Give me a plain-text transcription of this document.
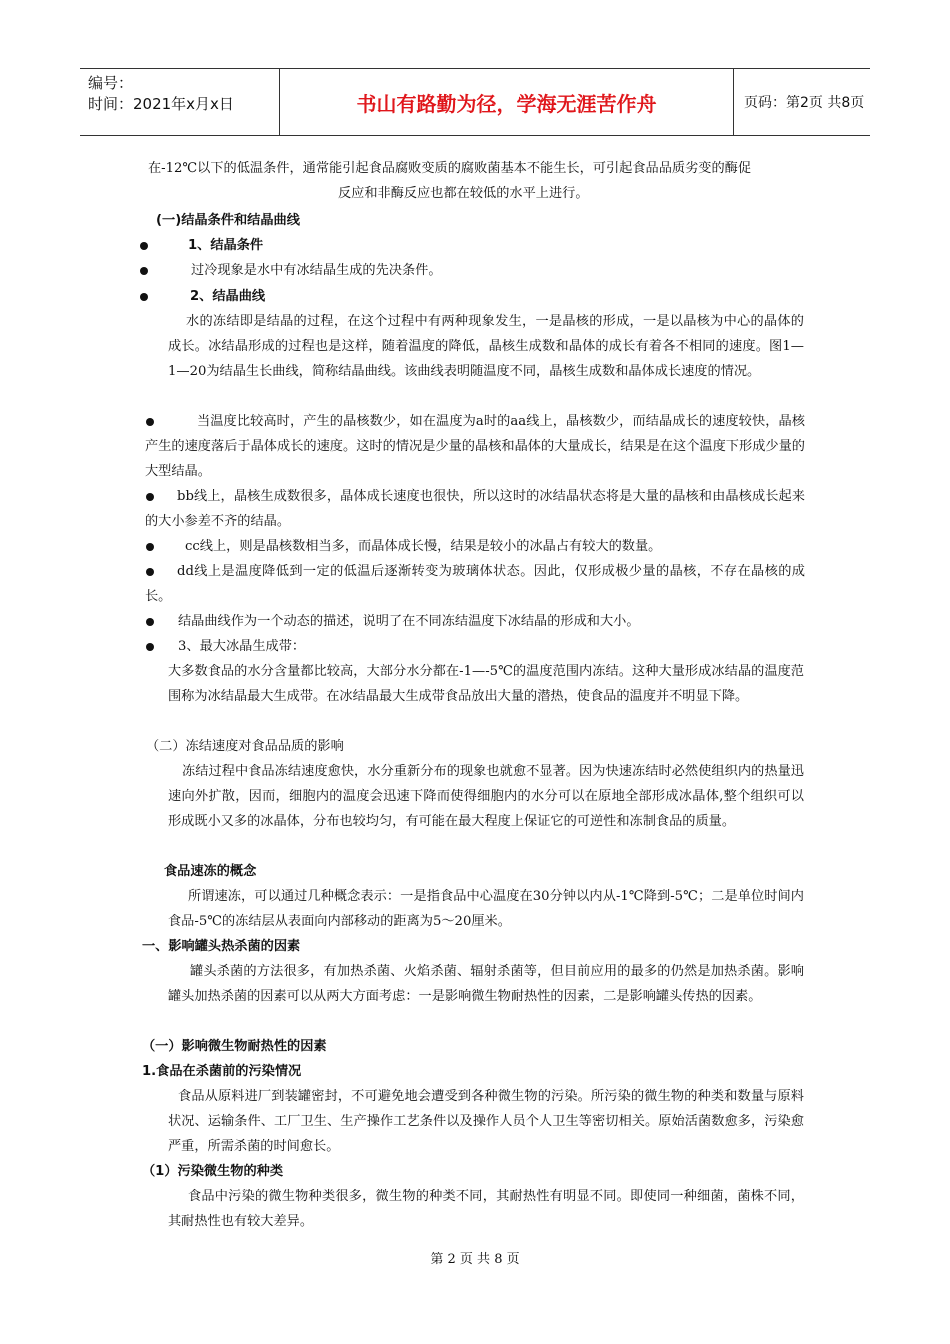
编号：
时间：2021年x月x日	书山有路勤为径，学海无涯苦作舟	页码：第2页 共8页
在-12℃以下的低温条件，通常能引起食品腐败变质的腐败菌基本不能生长，可引起食品品质劣变的酶促
反应和非酶反应也都在较低的水平上进行。
(一)结晶条件和结晶曲线
1、结晶条件
过冷现象是水中有冰结晶生成的先决条件。
2、结晶曲线
水的冻结即是结晶的过程，在这个过程中有两种现象发生，一是晶核的形成，一是以晶核为中心的晶体的成长。冰结晶形成的过程也是这样，随着温度的降低，晶核生成数和晶体的成长有着各不相同的速度。图1—1—20为结晶生长曲线，简称结晶曲线。该曲线表明随温度不同，晶核生成数和晶体成长速度的情况。
当温度比较高时，产生的晶核数少，如在温度为a时的aa线上，晶核数少，而结晶成长的速度较快，晶核产生的速度落后于晶体成长的速度。这时的情况是少量的晶核和晶体的大量成长，结果是在这个温度下形成少量的大型结晶。
bb线上，晶核生成数很多，晶体成长速度也很快，所以这时的冰结晶状态将是大量的晶核和由晶核成长起来的大小参差不齐的结晶。
cc线上，则是晶核数相当多，而晶体成长慢，结果是较小的冰晶占有较大的数量。
dd线上是温度降低到一定的低温后逐渐转变为玻璃体状态。因此，仅形成极少量的晶核，不存在晶核的成长。
结晶曲线作为一个动态的描述，说明了在不同冻结温度下冰结晶的形成和大小。
3、最大冰晶生成带：
大多数食品的水分含量都比较高，大部分水分都在-1—-5℃的温度范围内冻结。这种大量形成冰结晶的温度范围称为冰结晶最大生成带。在冰结晶最大生成带食品放出大量的潜热，使食品的温度并不明显下降。
（二）冻结速度对食品品质的影响
冻结过程中食品冻结速度愈快，水分重新分布的现象也就愈不显著。因为快速冻结时必然使组织内的热量迅速向外扩散，因而，细胞内的温度会迅速下降而使得细胞内的水分可以在原地全部形成冰晶体,整个组织可以形成既小又多的冰晶体，分布也较均匀，有可能在最大程度上保证它的可逆性和冻制食品的质量。
食品速冻的概念
所谓速冻，可以通过几种概念表示：一是指食品中心温度在30分钟以内从-1℃降到-5℃；二是单位时间内食品-5℃的冻结层从表面向内部移动的距离为5～20厘米。
一、影响罐头热杀菌的因素
罐头杀菌的方法很多，有加热杀菌、火焰杀菌、辐射杀菌等，但目前应用的最多的仍然是加热杀菌。影响罐头加热杀菌的因素可以从两大方面考虑：一是影响微生物耐热性的因素，二是影响罐头传热的因素。
（一）影响微生物耐热性的因素
1.食品在杀菌前的污染情况
食品从原料进厂到装罐密封，不可避免地会遭受到各种微生物的污染。所污染的微生物的种类和数量与原料状况、运输条件、工厂卫生、生产操作工艺条件以及操作人员个人卫生等密切相关。原始活菌数愈多，污染愈严重，所需杀菌的时间愈长。
（1）污染微生物的种类
食品中污染的微生物种类很多，微生物的种类不同，其耐热性有明显不同。即使同一种细菌，菌株不同，其耐热性也有较大差异。
第 2 页 共 8 页
